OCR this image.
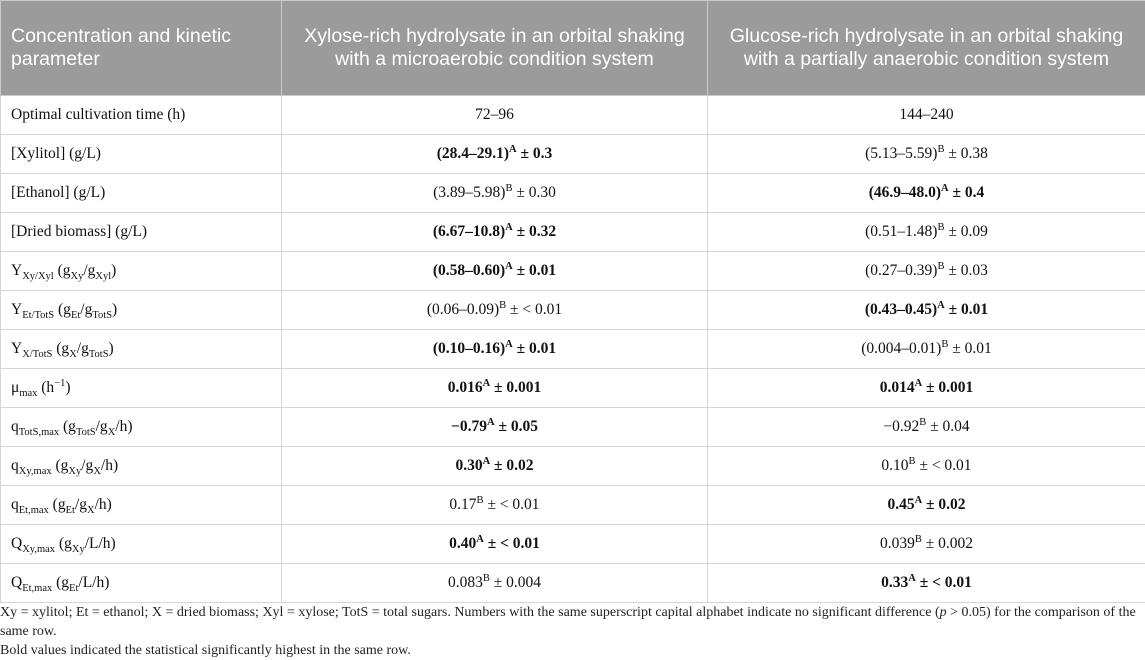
Concentration and kinetic parameter	Xylose-rich hydrolysate in an orbital shaking with a microaerobic condition system	Glucose-rich hydrolysate in an orbital shaking with a partially anaerobic condition system
Optimal cultivation time (h)	72–96	144–240
[Xylitol] (g/L)	$(28.4-29.1)^A \pm 0.3$	$(5.13-5.59)^B \pm 0.38$
[Ethanol] (g/L)	$(3.89-5.98)^B \pm 0.30$	$(46.9-48.0)^A \pm 0.4$
[Dried biomass] (g/L)	$(6.67-10.8)^A \pm 0.32$	$(0.51-1.48)^B \pm 0.09$
$Y_{Xy/Xyl}$ $(g_{Xy}/g_{Xyl})$	$(0.58-0.60)^A \pm 0.01$	$(0.27-0.39)^B \pm 0.03$
$Y_{Et/TotS}$ $(g_{Et}/g_{TotS})$	$(0.06-0.09)^B$ ± < 0.01	$(0.43-0.45)^A \pm 0.01$
$Y_{X/TotS}$ $(g_X/g_{TotS})$	$(0.10-0.16)^A \pm 0.01$	$(0.004-0.01)^B \pm 0.01$
$\mu_{max}$ $(h^{-1})$	$0.016^A \pm 0.001$	$0.014^A \pm 0.001$
$q_{TotS,max}$ $(g_{TotS}/g_X/h)$	$-0.79^A \pm 0.05$	$-0.92^B \pm 0.04$
$q_{Xy,max}$ $(g_{Xy}/g_X/h)$	$0.30^A \pm 0.02$	$0.10^B$ ± < 0.01
$q_{Et,max}$ $(g_{Et}/g_X/h)$	$0.17^B$ ± < 0.01	$0.45^A \pm 0.02$
$Q_{Xy,max}$ $(g_{Xy}/L/h)$	$0.40^A$ ± < 0.01	$0.039^B \pm 0.002$
$Q_{Et,max}$ $(g_{Et}/L/h)$	$0.083^B \pm 0.004$	$0.33^A$ ± < 0.01

Xy = xylitol; Et = ethanol; X = dried biomass; Xyl = xylose; TotS = total sugars. Numbers with the same superscript capital alphabet indicate no significant difference (p > 0.05) for the comparison of the same row.

Bold values indicated the statistical significantly highest in the same row.
